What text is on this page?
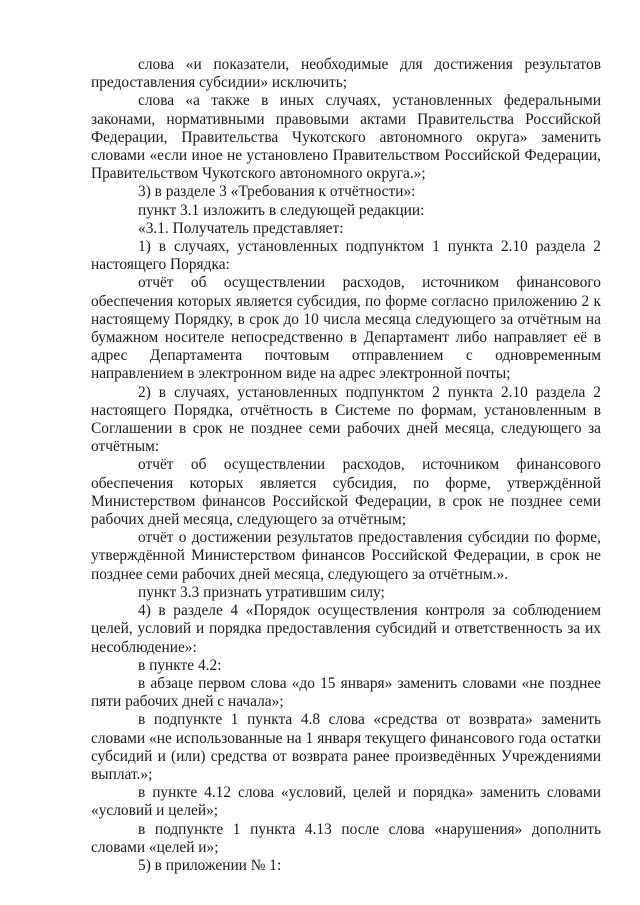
слова «и показатели, необходимые для достижения результатов предоставления субсидии» исключить;

слова «а также в иных случаях, установленных федеральными законами, нормативными правовыми актами Правительства Российской Федерации, Правительства Чукотского автономного округа» заменить словами «если иное не установлено Правительством Российской Федерации, Правительством Чукотского автономного округа.»;

3) в разделе 3 «Требования к отчётности»:

пункт 3.1 изложить в следующей редакции:

«3.1. Получатель представляет:

1) в случаях, установленных подпунктом 1 пункта 2.10 раздела 2 настоящего Порядка:

отчёт об осуществлении расходов, источником финансового обеспечения которых является субсидия, по форме согласно приложению 2 к настоящему Порядку, в срок до 10 числа месяца следующего за отчётным на бумажном носителе непосредственно в Департамент либо направляет её в адрес Департамента почтовым отправлением с одновременным направлением в электронном виде на адрес электронной почты;

2) в случаях, установленных подпунктом 2 пункта 2.10 раздела 2 настоящего Порядка, отчётность в Системе по формам, установленным в Соглашении в срок не позднее семи рабочих дней месяца, следующего за отчётным:

отчёт об осуществлении расходов, источником финансового обеспечения которых является субсидия, по форме, утверждённой Министерством финансов Российской Федерации, в срок не позднее семи рабочих дней месяца, следующего за отчётным;

отчёт о достижении результатов предоставления субсидии по форме, утверждённой Министерством финансов Российской Федерации, в срок не позднее семи рабочих дней месяца, следующего за отчётным.».

пункт 3.3 признать утратившим силу;

4) в разделе 4 «Порядок осуществления контроля за соблюдением целей, условий и порядка предоставления субсидий и ответственность за их несоблюдение»:

в пункте 4.2:

в абзаце первом слова «до 15 января» заменить словами «не позднее пяти рабочих дней с начала»;

в подпункте 1 пункта 4.8 слова «средства от возврата» заменить словами «не использованные на 1 января текущего финансового года остатки субсидий и (или) средства от возврата ранее произведённых Учреждениями выплат.»;

в пункте 4.12 слова «условий, целей и порядка» заменить словами «условий и целей»;

в подпункте 1 пункта 4.13 после слова «нарушения» дополнить словами «целей и»;

5) в приложении № 1:
